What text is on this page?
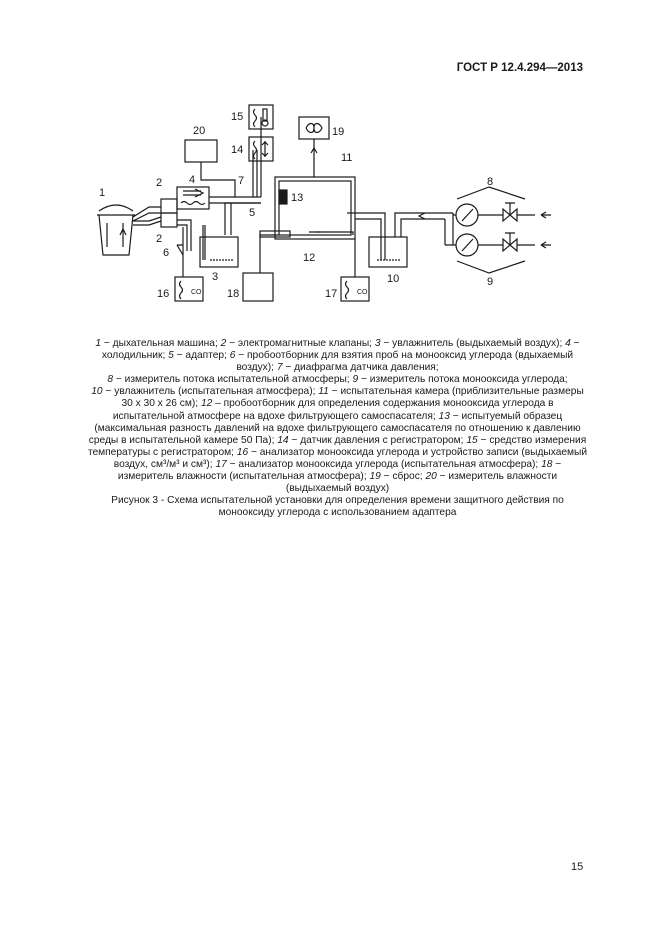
ГОСТ Р 12.4.294—2013
1
2
2
3
4
5
6
7	8
9
10
11
12
13
14
15
16	17
18
19
20
CO	CO

1 − дыхательная машина; 2 − электромагнитные клапаны; 3 − увлажнитель (выдыхаемый воздух); 4 − холодильник; 5 − адаптер; 6 − пробоотборник для взятия проб на монооксид углерода (вдыхаемый воздух); 7 − диафрагма датчика давления;

8 − измеритель потока испытательной атмосферы; 9 − измеритель потока монооксида углерода;

10 − увлажнитель (испытательная атмосфера); 11 − испытательная камера (приблизительные размеры 30 х 30 х 26 см); 12 – пробоотборник для определения содержания монооксида углерода в испытательной атмосфере на вдохе фильтрующего самоспасателя; 13 − испытуемый образец (максимальная разность давлений на вдохе фильтрующего самоспасателя по отношению к давлению среды в испытательной камере 50 Па); 14 − датчик давления с регистратором; 15 − средство измерения температуры с регистратором; 16 − анализатор монооксида углерода и устройство записи (выдыхаемый воздух, см³/м³ и см³); 17 − анализатор монооксида углерода (испытательная атмосфера); 18 − измеритель влажности (испытательная атмосфера); 19 − сброс; 20 − измеритель влажности (выдыхаемый воздух)

Рисунок 3 - Схема испытательной установки для определения времени защитного действия по монооксиду углерода с использованием адаптера

15
